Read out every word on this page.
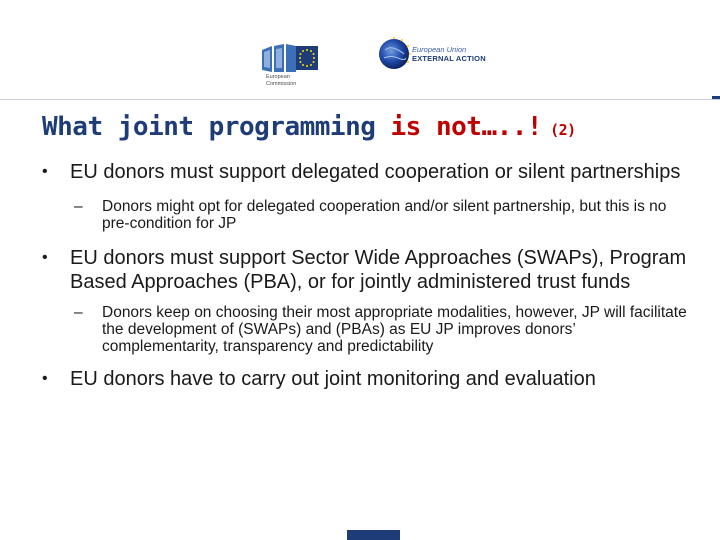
European
Commission
European Union
EXTERNAL ACTION
What joint programming is not…..! (2)
•	EU donors must support delegated cooperation or silent partnerships
–	Donors might opt for delegated cooperation and/or silent partnership, but this is no pre-condition for JP
•	EU donors must support Sector Wide Approaches (SWAPs), Program Based Approaches (PBA), or for jointly administered trust funds
–	Donors keep on choosing their most appropriate modalities, however, JP will facilitate the development of (SWAPs) and (PBAs) as EU JP improves donors’ complementarity, transparency and predictability
•	EU donors have to carry out joint monitoring and evaluation
